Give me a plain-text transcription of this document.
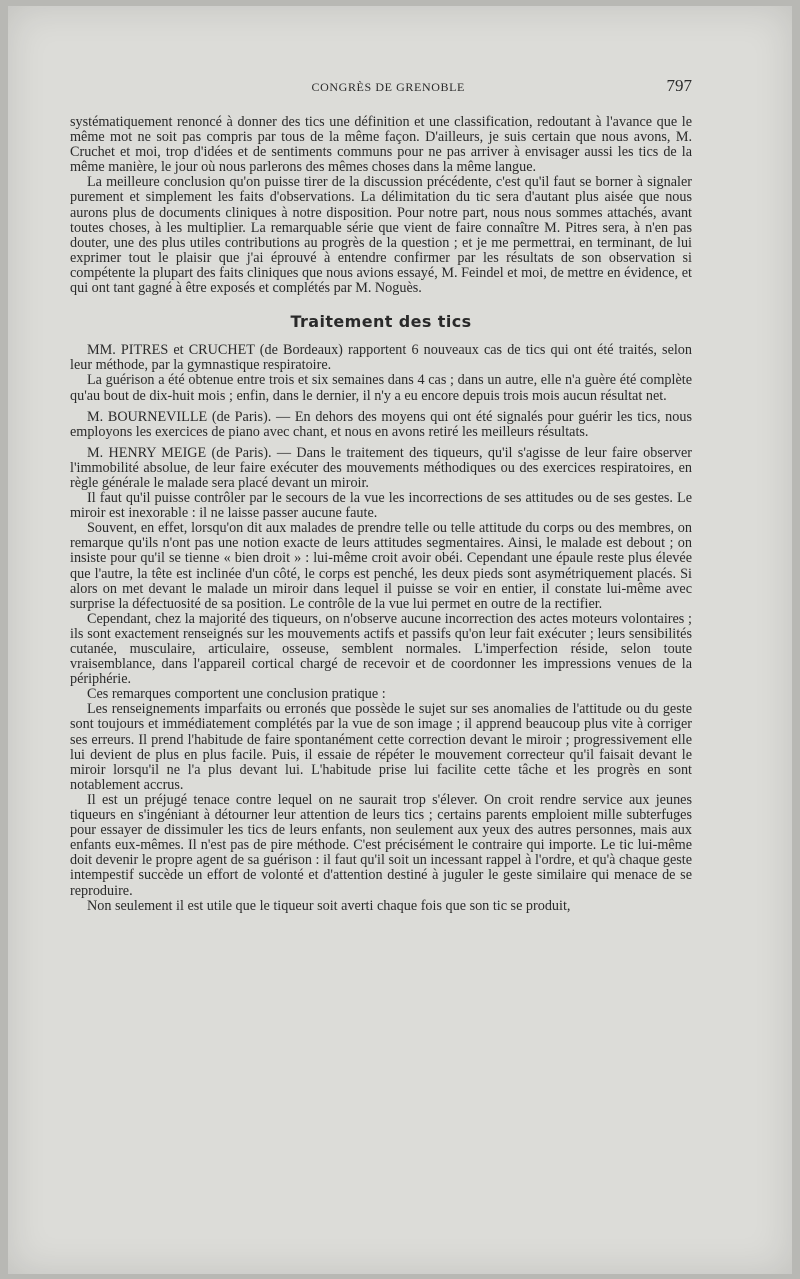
CONGRÈS DE GRENOBLE	797

systématiquement renoncé à donner des tics une définition et une classification, redoutant à l'avance que le même mot ne soit pas compris par tous de la même façon. D'ailleurs, je suis certain que nous avons, M. Cruchet et moi, trop d'idées et de sentiments communs pour ne pas arriver à envisager aussi les tics de la même manière, le jour où nous parlerons des mêmes choses dans la même langue.

La meilleure conclusion qu'on puisse tirer de la discussion précédente, c'est qu'il faut se borner à signaler purement et simplement les faits d'observations. La délimitation du tic sera d'autant plus aisée que nous aurons plus de documents cliniques à notre disposition. Pour notre part, nous nous sommes attachés, avant toutes choses, à les multiplier. La remarquable série que vient de faire connaître M. Pitres sera, à n'en pas douter, une des plus utiles contributions au progrès de la question ; et je me permettrai, en terminant, de lui exprimer tout le plaisir que j'ai éprouvé à entendre confirmer par les résultats de son observation si compétente la plupart des faits cliniques que nous avions essayé, M. Feindel et moi, de mettre en évidence, et qui ont tant gagné à être exposés et complétés par M. Noguès.

Traitement des tics

MM. PITRES et CRUCHET (de Bordeaux) rapportent 6 nouveaux cas de tics qui ont été traités, selon leur méthode, par la gymnastique respiratoire.

La guérison a été obtenue entre trois et six semaines dans 4 cas ; dans un autre, elle n'a guère été complète qu'au bout de dix-huit mois ; enfin, dans le dernier, il n'y a eu encore depuis trois mois aucun résultat net.

M. BOURNEVILLE (de Paris). — En dehors des moyens qui ont été signalés pour guérir les tics, nous employons les exercices de piano avec chant, et nous en avons retiré les meilleurs résultats.

M. HENRY MEIGE (de Paris). — Dans le traitement des tiqueurs, qu'il s'agisse de leur faire observer l'immobilité absolue, de leur faire exécuter des mouvements méthodiques ou des exercices respiratoires, en règle générale le malade sera placé devant un miroir.

Il faut qu'il puisse contrôler par le secours de la vue les incorrections de ses attitudes ou de ses gestes. Le miroir est inexorable : il ne laisse passer aucune faute.

Souvent, en effet, lorsqu'on dit aux malades de prendre telle ou telle attitude du corps ou des membres, on remarque qu'ils n'ont pas une notion exacte de leurs attitudes segmentaires. Ainsi, le malade est debout ; on insiste pour qu'il se tienne « bien droit » : lui-même croit avoir obéi. Cependant une épaule reste plus élevée que l'autre, la tête est inclinée d'un côté, le corps est penché, les deux pieds sont asymétriquement placés. Si alors on met devant le malade un miroir dans lequel il puisse se voir en entier, il constate lui-même avec surprise la défectuosité de sa position. Le contrôle de la vue lui permet en outre de la rectifier.

Cependant, chez la majorité des tiqueurs, on n'observe aucune incorrection des actes moteurs volontaires ; ils sont exactement renseignés sur les mouvements actifs et passifs qu'on leur fait exécuter ; leurs sensibilités cutanée, musculaire, articulaire, osseuse, semblent normales. L'imperfection réside, selon toute vraisemblance, dans l'appareil cortical chargé de recevoir et de coordonner les impressions venues de la périphérie.

Ces remarques comportent une conclusion pratique :

Les renseignements imparfaits ou erronés que possède le sujet sur ses anomalies de l'attitude ou du geste sont toujours et immédiatement complétés par la vue de son image ; il apprend beaucoup plus vite à corriger ses erreurs. Il prend l'habitude de faire spontanément cette correction devant le miroir ; progressivement elle lui devient de plus en plus facile. Puis, il essaie de répéter le mouvement correcteur qu'il faisait devant le miroir lorsqu'il ne l'a plus devant lui. L'habitude prise lui facilite cette tâche et les progrès en sont notablement accrus.

Il est un préjugé tenace contre lequel on ne saurait trop s'élever. On croit rendre service aux jeunes tiqueurs en s'ingéniant à détourner leur attention de leurs tics ; certains parents emploient mille subterfuges pour essayer de dissimuler les tics de leurs enfants, non seulement aux yeux des autres personnes, mais aux enfants eux-mêmes. Il n'est pas de pire méthode. C'est précisément le contraire qui importe. Le tic lui-même doit devenir le propre agent de sa guérison : il faut qu'il soit un incessant rappel à l'ordre, et qu'à chaque geste intempestif succède un effort de volonté et d'attention destiné à juguler le geste similaire qui menace de se reproduire.

Non seulement il est utile que le tiqueur soit averti chaque fois que son tic se produit,
